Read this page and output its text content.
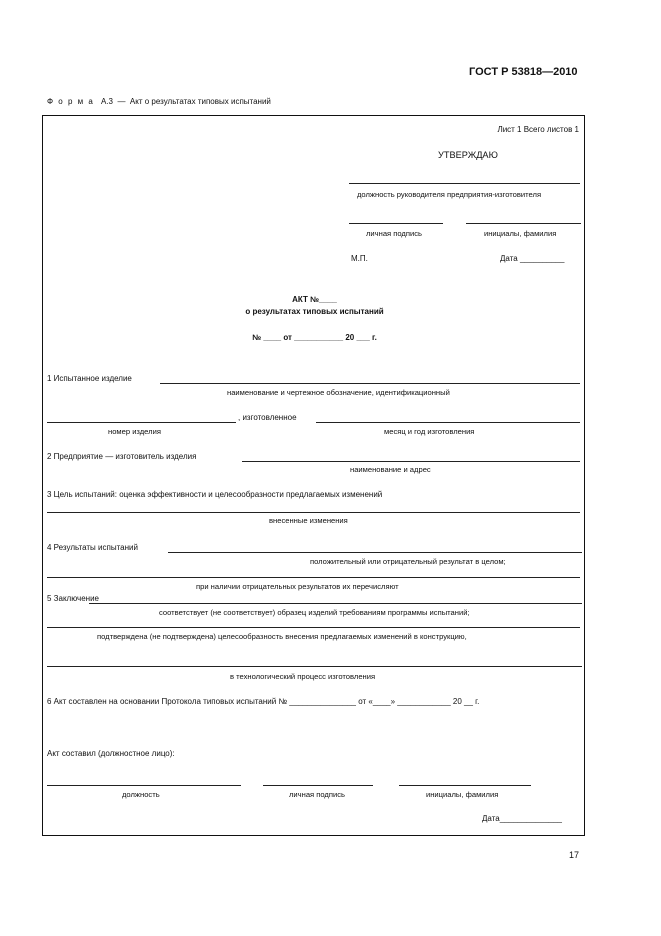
ГОСТ Р 53818—2010
Ф о р м а А.3 — Акт о результатах типовых испытаний
Лист 1 Всего листов 1
УТВЕРЖДАЮ
должность руководителя предприятия-изготовителя
личная подпись	инициалы, фамилия
М.П.	Дата __________
АКТ №____
о результатах типовых испытаний
№ ____ от ___________ 20 ___ г.
1 Испытанное изделие
наименование и чертежное обозначение, идентификационный
, изготовленное
номер изделия	месяц и год изготовления
2 Предприятие — изготовитель изделия
наименование и адрес
3 Цель испытаний: оценка эффективности и целесообразности предлагаемых изменений
внесенные изменения
4 Результаты испытаний
положительный или отрицательный результат в целом;
при наличии отрицательных результатов их перечисляют
5 Заключение
соответствует (не соответствует) образец изделий требованиям программы испытаний;
подтверждена (не подтверждена) целесообразность внесения предлагаемых изменений в конструкцию,
в технологический процесс изготовления
6 Акт составлен на основании Протокола типовых испытаний № _______________ от «____» ____________ 20 __ г.
Акт составил (должностное лицо):
должность	личная подпись	инициалы, фамилия
Дата______________
17
